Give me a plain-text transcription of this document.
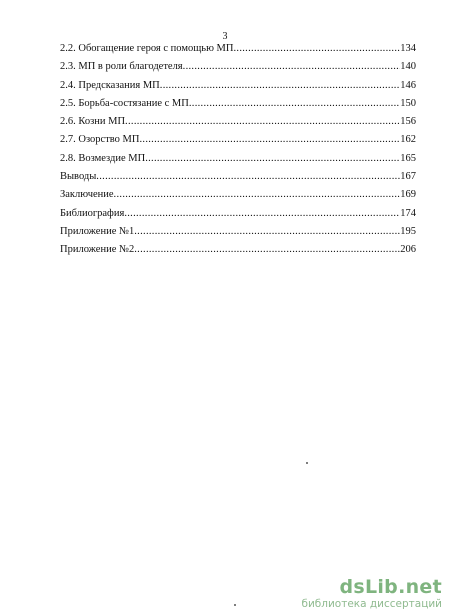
3
2.2. Обогащение героя с помощью МП .....	134
2.3. МП в роли благодетеля .....	140
2.4. Предсказания МП .....	146
2.5. Борьба-состязание с МП .....	150
2.6. Козни МП .....	156
2.7. Озорство МП .....	162
2.8. Возмездие МП .....	165
Выводы .....	167
Заключение .....	169
Библиография .....	174
Приложение №1 .....	195
Приложение №2 .....	206
dsLib.net
библиотека диссертаций
